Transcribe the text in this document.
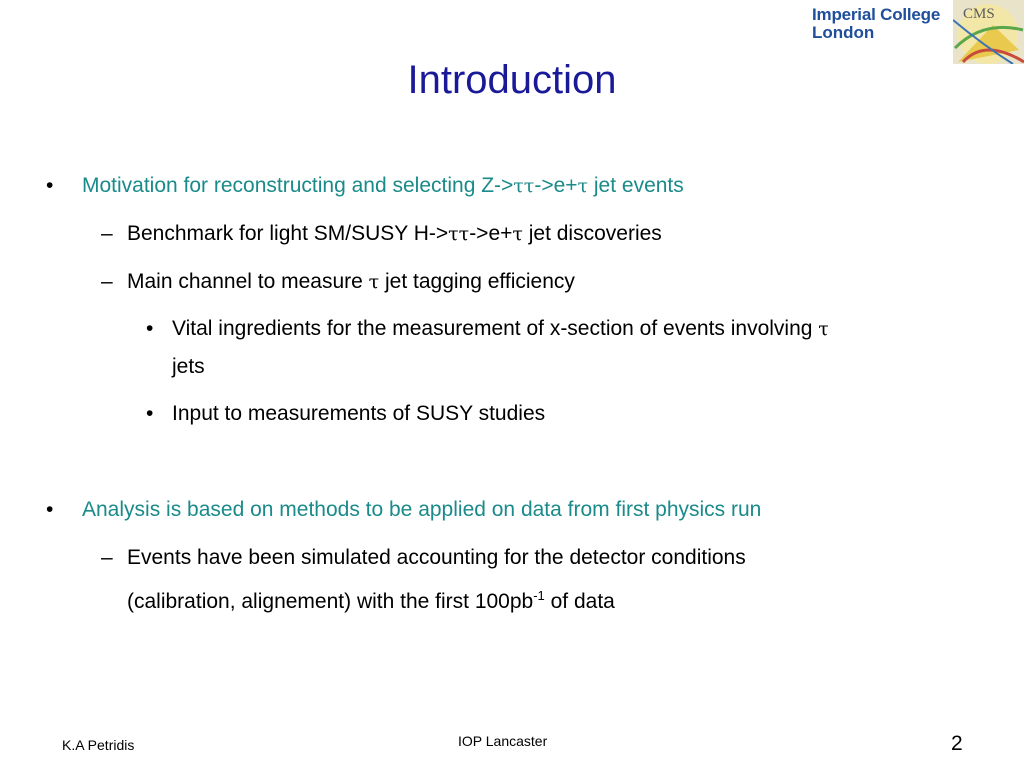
Imperial College
London
CMS
Introduction
• Motivation for reconstructing and selecting Z->ττ->e+τ jet events
– Benchmark for light SM/SUSY H->ττ->e+τ jet discoveries
– Main channel to measure τ jet tagging efficiency
• Vital ingredients for the measurement of x-section of events involving τ
jets
• Input to measurements of SUSY studies
• Analysis is based on methods to be applied on data from first physics run
– Events have been simulated accounting for the detector conditions
(calibration, alignement) with the first $100pb^{-1}$ of data
K.A Petridis	IOP Lancaster	2
